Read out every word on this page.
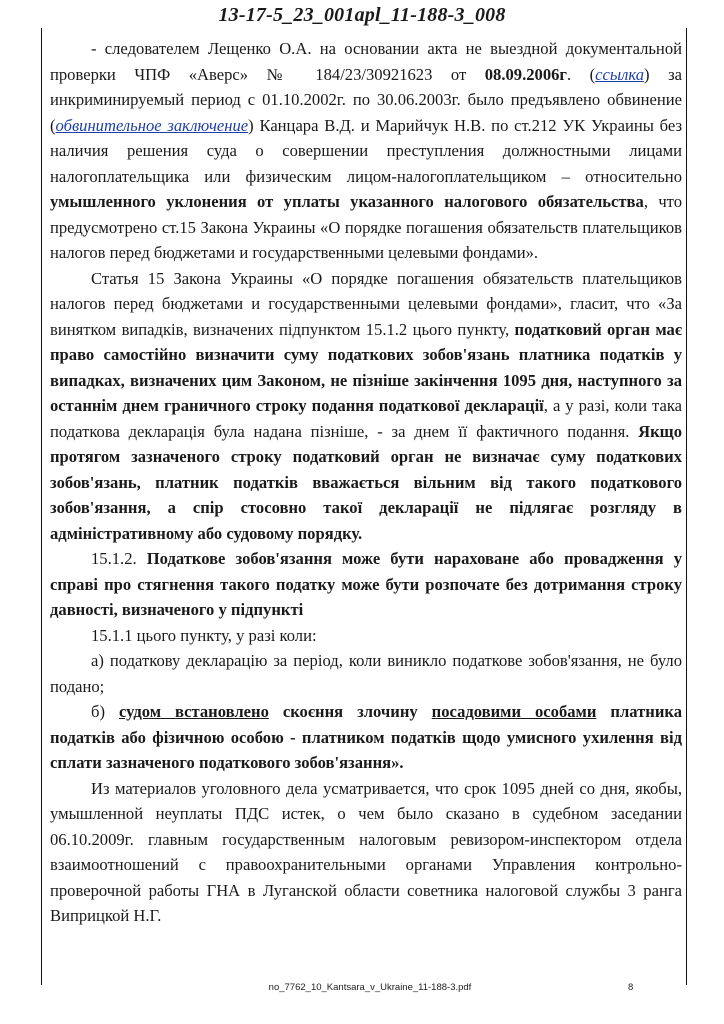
13-17-5_23_001apl_11-188-3_008

- следователем Лещенко О.А. на основании акта не выездной документальной проверки ЧПФ «Аверс» № 184/23/30921623 от 08.09.2006г. (ссылка) за инкриминируемый период с 01.10.2002г. по 30.06.2003г. было предъявлено обвинение (обвинительное заключение) Канцара В.Д. и Марийчук Н.В. по ст.212 УК Украины без наличия решения суда о совершении преступления должностными лицами налогоплательщика или физическим лицом-налогоплательщиком – относительно умышленного уклонения от уплаты указанного налогового обязательства, что предусмотрено ст.15 Закона Украины «О порядке погашения обязательств плательщиков налогов перед бюджетами и государственными целевыми фондами».

Статья 15 Закона Украины «О порядке погашения обязательств плательщиков налогов перед бюджетами и государственными целевыми фондами», гласит, что «За винятком випадків, визначених підпунктом 15.1.2 цього пункту, податковий орган має право самостійно визначити суму податкових зобов'язань платника податків у випадках, визначених цим Законом, не пізніше закінчення 1095 дня, наступного за останнім днем граничного строку подання податкової декларації, а у разі, коли така податкова декларація була надана пізніше, - за днем її фактичного подання. Якщо протягом зазначеного строку податковий орган не визначає суму податкових зобов'язань, платник податків вважається вільним від такого податкового зобов'язання, а спір стосовно такої декларації не підлягає розгляду в адміністративному або судовому порядку.

15.1.2. Податкове зобов'язання може бути нараховане або провадження у справі про стягнення такого податку може бути розпочате без дотримання строку давності, визначеного у підпункті

15.1.1 цього пункту, у разі коли:

а) податкову декларацію за період, коли виникло податкове зобов'язання, не було подано;

б) судом встановлено скоєння злочину посадовими особами платника податків або фізичною особою - платником податків щодо умисного ухилення від сплати зазначеного податкового зобов'язання».

Из материалов уголовного дела усматривается, что срок 1095 дней со дня, якобы, умышленной неуплаты ПДС истек, о чем было сказано в судебном заседании 06.10.2009г. главным государственным налоговым ревизором-инспектором отдела взаимоотношений с правоохранительными органами Управления контрольно-проверочной работы ГНА в Луганской области советника налоговой службы 3 ранга Виприцкой Н.Г.

no_7762_10_Kantsara_v_Ukraine_11-188-3.pdf	8
